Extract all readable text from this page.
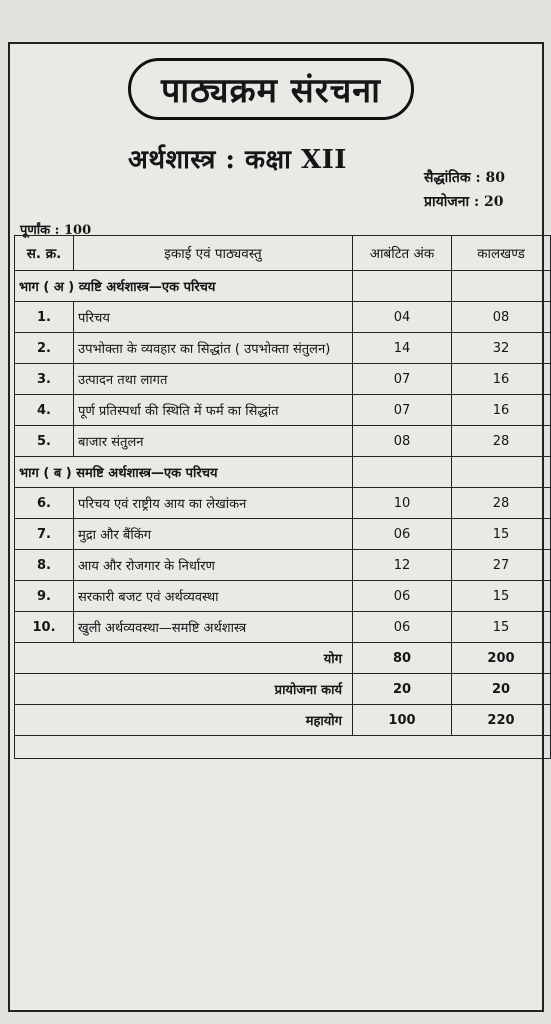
पाठ्यक्रम संरचना
अर्थशास्त्र : कक्षा XII
सैद्धांतिक : 80
प्रायोजना : 20
पूर्णांक : 100
स. क्र.	इकाई एवं पाठ्यवस्तु	आबंटित अंक	कालखण्ड
भाग ( अ ) व्यष्टि अर्थशास्त्र—एक परिचय			
1.	परिचय	04	08
2.	उपभोक्ता के व्यवहार का सिद्धांत ( उपभोक्ता संतुलन)	14	32
3.	उत्पादन तथा लागत	07	16
4.	पूर्ण प्रतिस्पर्धा की स्थिति में फर्म का सिद्धांत	07	16
5.	बाजार संतुलन	08	28
भाग ( ब ) समष्टि अर्थशास्त्र—एक परिचय			
6.	परिचय एवं राष्ट्रीय आय का लेखांकन	10	28
7.	मुद्रा और बैंकिंग	06	15
8.	आय और रोजगार के निर्धारण	12	27
9.	सरकारी बजट एवं अर्थव्यवस्था	06	15
10.	खुली अर्थव्यवस्था—समष्टि अर्थशास्त्र	06	15
योग		80	200
प्रायोजना कार्य		20	20
महायोग		100	220
